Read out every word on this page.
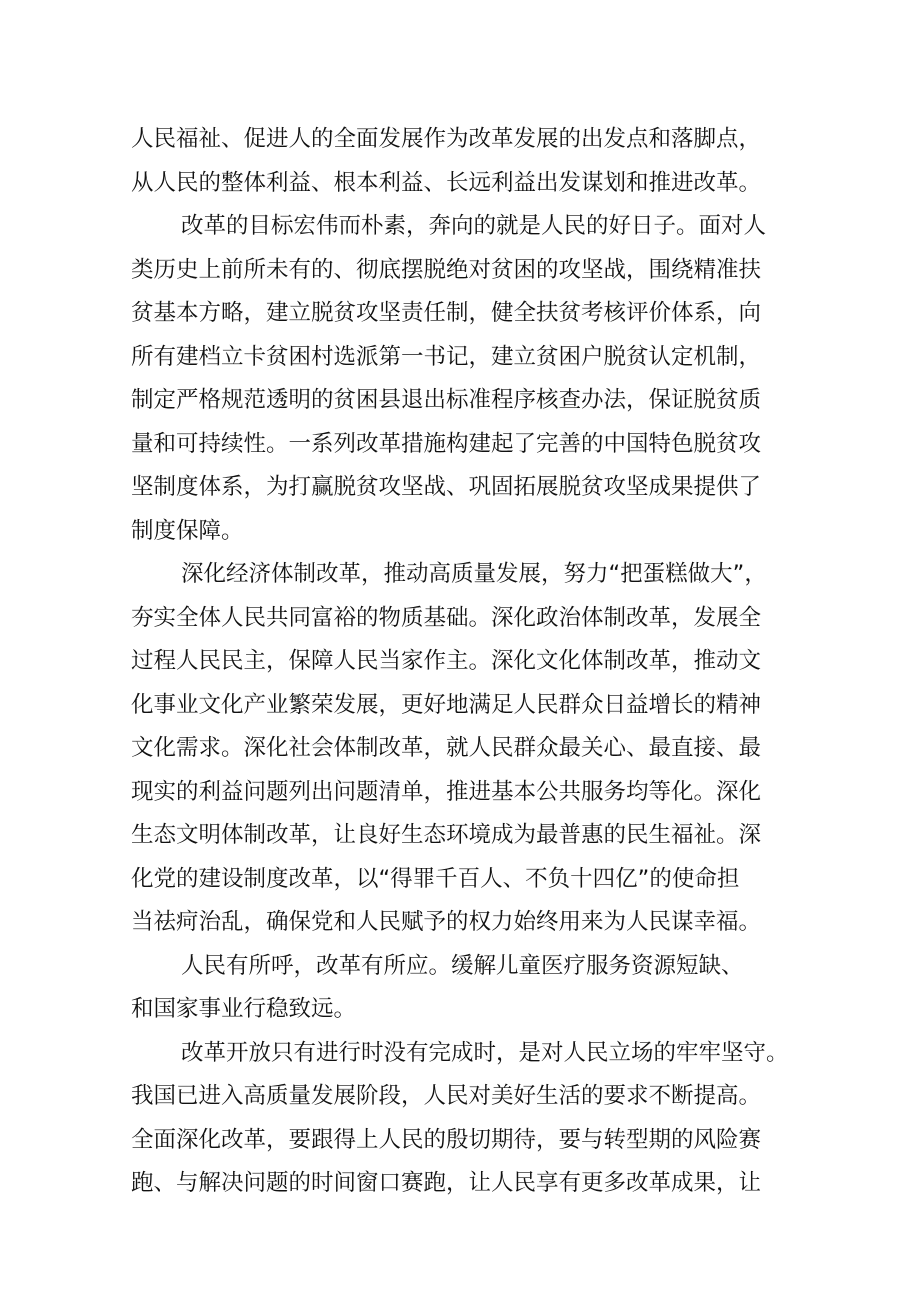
人民福祉、促进人的全面发展作为改革发展的出发点和落脚点，
从人民的整体利益、根本利益、长远利益出发谋划和推进改革。
改革的目标宏伟而朴素，奔向的就是人民的好日子。面对人
类历史上前所未有的、彻底摆脱绝对贫困的攻坚战，围绕精准扶
贫基本方略，建立脱贫攻坚责任制，健全扶贫考核评价体系，向
所有建档立卡贫困村选派第一书记，建立贫困户脱贫认定机制，
制定严格规范透明的贫困县退出标准程序核查办法，保证脱贫质
量和可持续性。一系列改革措施构建起了完善的中国特色脱贫攻
坚制度体系，为打赢脱贫攻坚战、巩固拓展脱贫攻坚成果提供了
制度保障。
深化经济体制改革，推动高质量发展，努力“把蛋糕做大”，
夯实全体人民共同富裕的物质基础。深化政治体制改革，发展全
过程人民民主，保障人民当家作主。深化文化体制改革，推动文
化事业文化产业繁荣发展，更好地满足人民群众日益增长的精神
文化需求。深化社会体制改革，就人民群众最关心、最直接、最
现实的利益问题列出问题清单，推进基本公共服务均等化。深化
生态文明体制改革，让良好生态环境成为最普惠的民生福祉。深
化党的建设制度改革，以“得罪千百人、不负十四亿”的使命担
当祛疴治乱，确保党和人民赋予的权力始终用来为人民谋幸福。
人民有所呼，改革有所应。缓解儿童医疗服务资源短缺、
和国家事业行稳致远。
改革开放只有进行时没有完成时，是对人民立场的牢牢坚守。
我国已进入高质量发展阶段，人民对美好生活的要求不断提高。
全面深化改革，要跟得上人民的殷切期待，要与转型期的风险赛
跑、与解决问题的时间窗口赛跑，让人民享有更多改革成果，让
